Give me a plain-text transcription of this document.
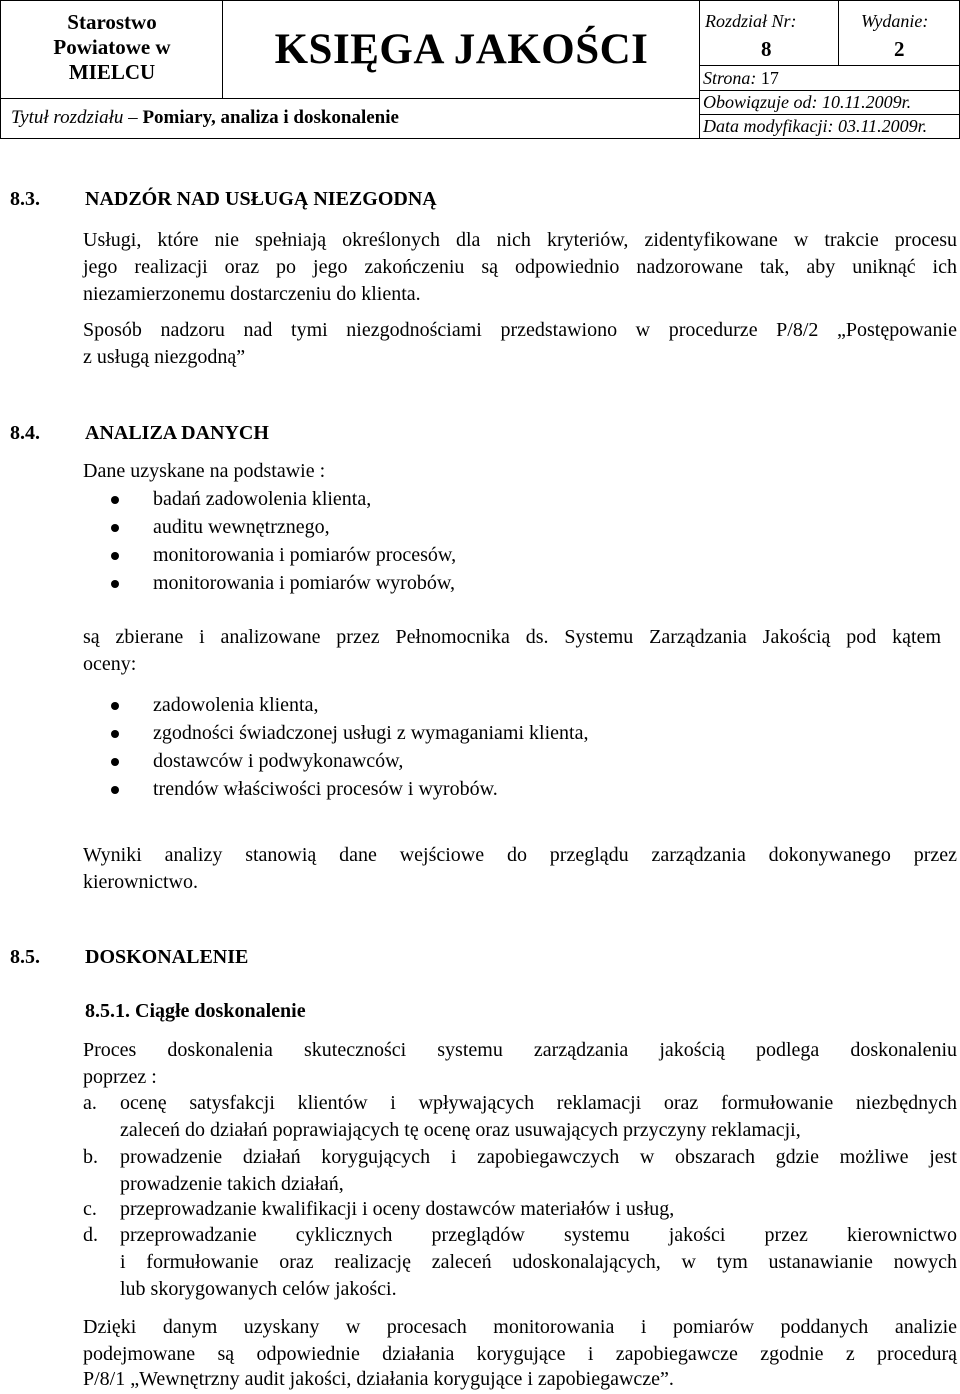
Starostwo
Powiatowe w
MIELCU	KSIĘGA JAKOŚCI
Tytuł rozdziału – Pomiary, analiza i doskonalenie
Rozdział Nr:
8
Wydanie:
2
Strona: 17
Obowiązuje od: 10.11.2009r.
Data modyfikacji: 03.11.2009r.
8.3. NADZÓR NAD USŁUGĄ NIEZGODNĄ
Usługi, które nie spełniają określonych dla nich kryteriów, zidentyfikowane w trakcie procesu
jego realizacji oraz po jego zakończeniu są odpowiednio nadzorowane tak, aby uniknąć ich
niezamierzonemu dostarczeniu do klienta.
Sposób nadzoru nad tymi niezgodnościami przedstawiono w procedurze P/8/2 „Postępowanie
z usługą niezgodną”
8.4. ANALIZA DANYCH
Dane uzyskane na podstawie :
badań zadowolenia klienta,
auditu wewnętrznego,
monitorowania i pomiarów procesów,
monitorowania i pomiarów wyrobów,
są zbierane i analizowane przez Pełnomocnika ds. Systemu Zarządzania Jakością pod kątem
oceny:
zadowolenia klienta,
zgodności świadczonej usługi z wymaganiami klienta,
dostawców i podwykonawców,
trendów właściwości procesów i wyrobów.
Wyniki analizy stanowią dane wejściowe do przeglądu zarządzania dokonywanego przez
kierownictwo.
8.5. DOSKONALENIE
8.5.1. Ciągłe doskonalenie
Proces doskonalenia skuteczności systemu zarządzania jakością podlega doskonaleniu
poprzez :
a. ocenę satysfakcji klientów i wpływających reklamacji oraz formułowanie niezbędnych
zaleceń do działań poprawiających tę ocenę oraz usuwających przyczyny reklamacji,
b. prowadzenie działań korygujących i zapobiegawczych w obszarach gdzie możliwe jest
prowadzenie takich działań,
c. przeprowadzanie kwalifikacji i oceny dostawców materiałów i usług,
d. przeprowadzanie cyklicznych przeglądów systemu jakości przez kierownictwo
i formułowanie oraz realizację zaleceń udoskonalających, w tym ustanawianie nowych
lub skorygowanych celów jakości.
Dzięki danym uzyskany w procesach monitorowania i pomiarów poddanych analizie
podejmowane są odpowiednie działania korygujące i zapobiegawcze zgodnie z procedurą
P/8/1 „Wewnętrzny audit jakości, działania korygujące i zapobiegawcze”.
